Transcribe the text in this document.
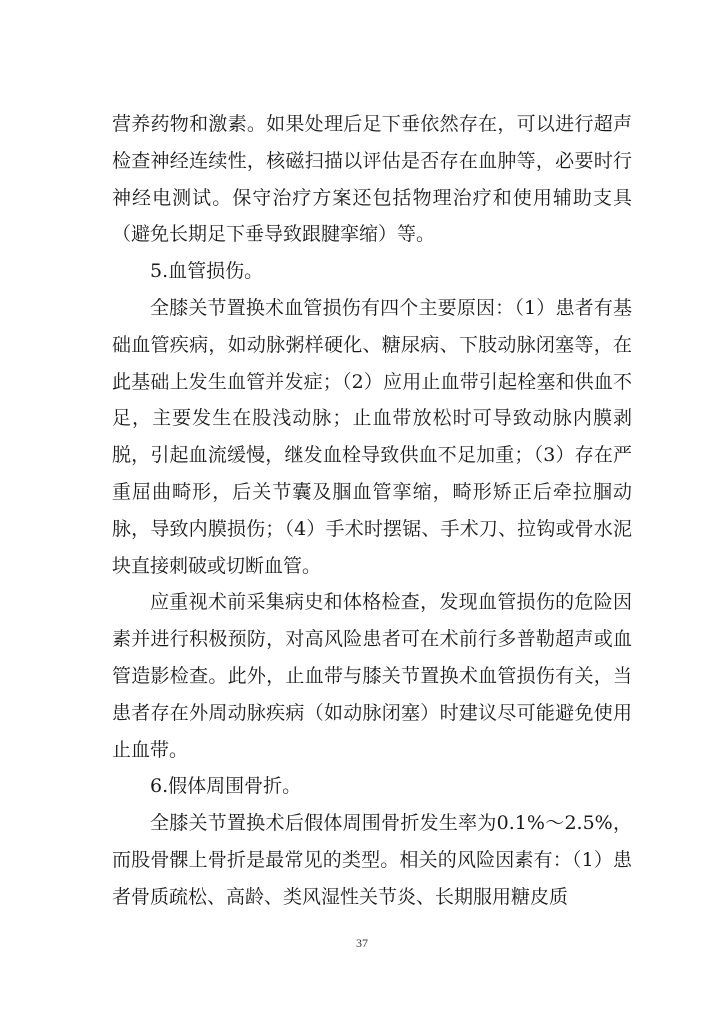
营养药物和激素。如果处理后足下垂依然存在，可以进行超声检查神经连续性，核磁扫描以评估是否存在血肿等，必要时行神经电测试。保守治疗方案还包括物理治疗和使用辅助支具（避免长期足下垂导致跟腱挛缩）等。

5.血管损伤。

全膝关节置换术血管损伤有四个主要原因：（1）患者有基础血管疾病，如动脉粥样硬化、糖尿病、下肢动脉闭塞等，在此基础上发生血管并发症；（2）应用止血带引起栓塞和供血不足，主要发生在股浅动脉；止血带放松时可导致动脉内膜剥脱，引起血流缓慢，继发血栓导致供血不足加重；（3）存在严重屈曲畸形，后关节囊及腘血管挛缩，畸形矫正后牵拉腘动脉，导致内膜损伤；（4）手术时摆锯、手术刀、拉钩或骨水泥块直接刺破或切断血管。

应重视术前采集病史和体格检查，发现血管损伤的危险因素并进行积极预防，对高风险患者可在术前行多普勒超声或血管造影检查。此外，止血带与膝关节置换术血管损伤有关，当患者存在外周动脉疾病（如动脉闭塞）时建议尽可能避免使用止血带。

6.假体周围骨折。

全膝关节置换术后假体周围骨折发生率为0.1%～2.5%，而股骨髁上骨折是最常见的类型。相关的风险因素有：（1）患者骨质疏松、高龄、类风湿性关节炎、长期服用糖皮质

37
